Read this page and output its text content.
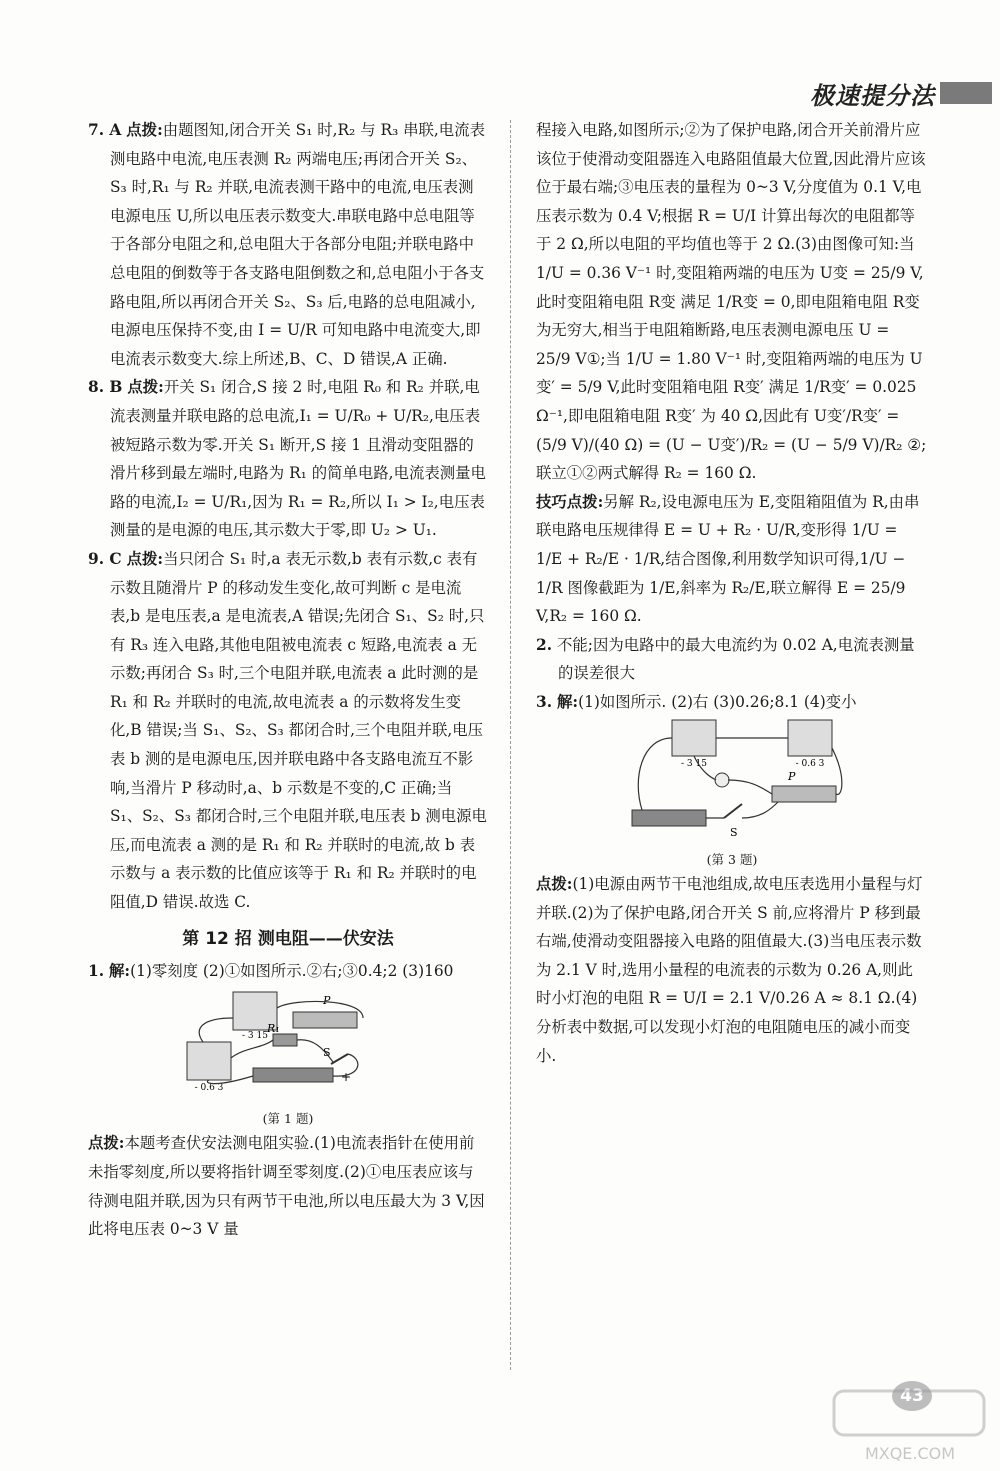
极速提分法

7. A 点拨:由题图知,闭合开关 S₁ 时,R₂ 与 R₃ 串联,电流表测电路中电流,电压表测 R₂ 两端电压;再闭合开关 S₂、S₃ 时,R₁ 与 R₂ 并联,电流表测干路中的电流,电压表测电源电压 U,所以电压表示数变大.串联电路中总电阻等于各部分电阻之和,总电阻大于各部分电阻;并联电路中总电阻的倒数等于各支路电阻倒数之和,总电阻小于各支路电阻,所以再闭合开关 S₂、S₃ 后,电路的总电阻减小,电源电压保持不变,由 I = U/R 可知电路中电流变大,即电流表示数变大.综上所述,B、C、D 错误,A 正确.

8. B 点拨:开关 S₁ 闭合,S 接 2 时,电阻 R₀ 和 R₂ 并联,电流表测量并联电路的总电流,I₁ = U/R₀ + U/R₂,电压表被短路示数为零.开关 S₁ 断开,S 接 1 且滑动变阻器的滑片移到最左端时,电路为 R₁ 的简单电路,电流表测量电路的电流,I₂ = U/R₁,因为 R₁ = R₂,所以 I₁ > I₂,电压表测量的是电源的电压,其示数大于零,即 U₂ > U₁.

9. C 点拨:当只闭合 S₁ 时,a 表无示数,b 表有示数,c 表有示数且随滑片 P 的移动发生变化,故可判断 c 是电流表,b 是电压表,a 是电流表,A 错误;先闭合 S₁、S₂ 时,只有 R₃ 连入电路,其他电阻被电流表 c 短路,电流表 a 无示数;再闭合 S₃ 时,三个电阻并联,电流表 a 此时测的是 R₁ 和 R₂ 并联时的电流,故电流表 a 的示数将发生变化,B 错误;当 S₁、S₂、S₃ 都闭合时,三个电阻并联,电压表 b 测的是电源电压,因并联电路中各支路电流互不影响,当滑片 P 移动时,a、b 示数是不变的,C 正确;当 S₁、S₂、S₃ 都闭合时,三个电阻并联,电压表 b 测电源电压,而电流表 a 测的是 R₁ 和 R₂ 并联时的电流,故 b 表示数与 a 表示数的比值应该等于 R₁ 和 R₂ 并联时的电阻值,D 错误.故选 C.

第 12 招 测电阻——伏安法

1. 解:(1)零刻度 (2)①如图所示.②右;③0.4;2 (3)160

- 3 15
- 0.6 3
P
R₁
S
+
(第 1 题)

点拨:本题考查伏安法测电阻实验.(1)电流表指针在使用前未指零刻度,所以要将指针调至零刻度.(2)①电压表应该与待测电阻并联,因为只有两节干电池,所以电压最大为 3 V,因此将电压表 0~3 V 量

程接入电路,如图所示;②为了保护电路,闭合开关前滑片应该位于使滑动变阻器连入电路阻值最大位置,因此滑片应该位于最右端;③电压表的量程为 0~3 V,分度值为 0.1 V,电压表示数为 0.4 V;根据 R = U/I 计算出每次的电阻都等于 2 Ω,所以电阻的平均值也等于 2 Ω.(3)由图像可知:当 1/U = 0.36 V⁻¹ 时,变阻箱两端的电压为 U变 = 25/9 V,此时变阻箱电阻 R变 满足 1/R变 = 0,即电阻箱电阻 R变 为无穷大,相当于电阻箱断路,电压表测电源电压 U = 25/9 V①;当 1/U = 1.80 V⁻¹ 时,变阻箱两端的电压为 U变′ = 5/9 V,此时变阻箱电阻 R变′ 满足 1/R变′ = 0.025 Ω⁻¹,即电阻箱电阻 R变′ 为 40 Ω,因此有 U变′/R变′ = (5/9 V)/(40 Ω) = (U − U变′)/R₂ = (U − 5/9 V)/R₂ ②;联立①②两式解得 R₂ = 160 Ω.

技巧点拨:另解 R₂,设电源电压为 E,变阻箱阻值为 R,由串联电路电压规律得 E = U + R₂ · U/R,变形得 1/U = 1/E + R₂/E · 1/R,结合图像,利用数学知识可得,1/U − 1/R 图像截距为 1/E,斜率为 R₂/E,联立解得 E = 25/9 V,R₂ = 160 Ω.

2. 不能;因为电路中的最大电流约为 0.02 A,电流表测量的误差很大

3. 解:(1)如图所示. (2)右 (3)0.26;8.1 (4)变小

- 3 15	- 0.6 3
P
S
(第 3 题)

点拨:(1)电源由两节干电池组成,故电压表选用小量程与灯并联.(2)为了保护电路,闭合开关 S 前,应将滑片 P 移到最右端,使滑动变阻器接入电路的阻值最大.(3)当电压表示数为 2.1 V 时,选用小量程的电流表的示数为 0.26 A,则此时小灯泡的电阻 R = U/I = 2.1 V/0.26 A ≈ 8.1 Ω.(4)分析表中数据,可以发现小灯泡的电阻随电压的减小而变小.

43
MXQE.COM
